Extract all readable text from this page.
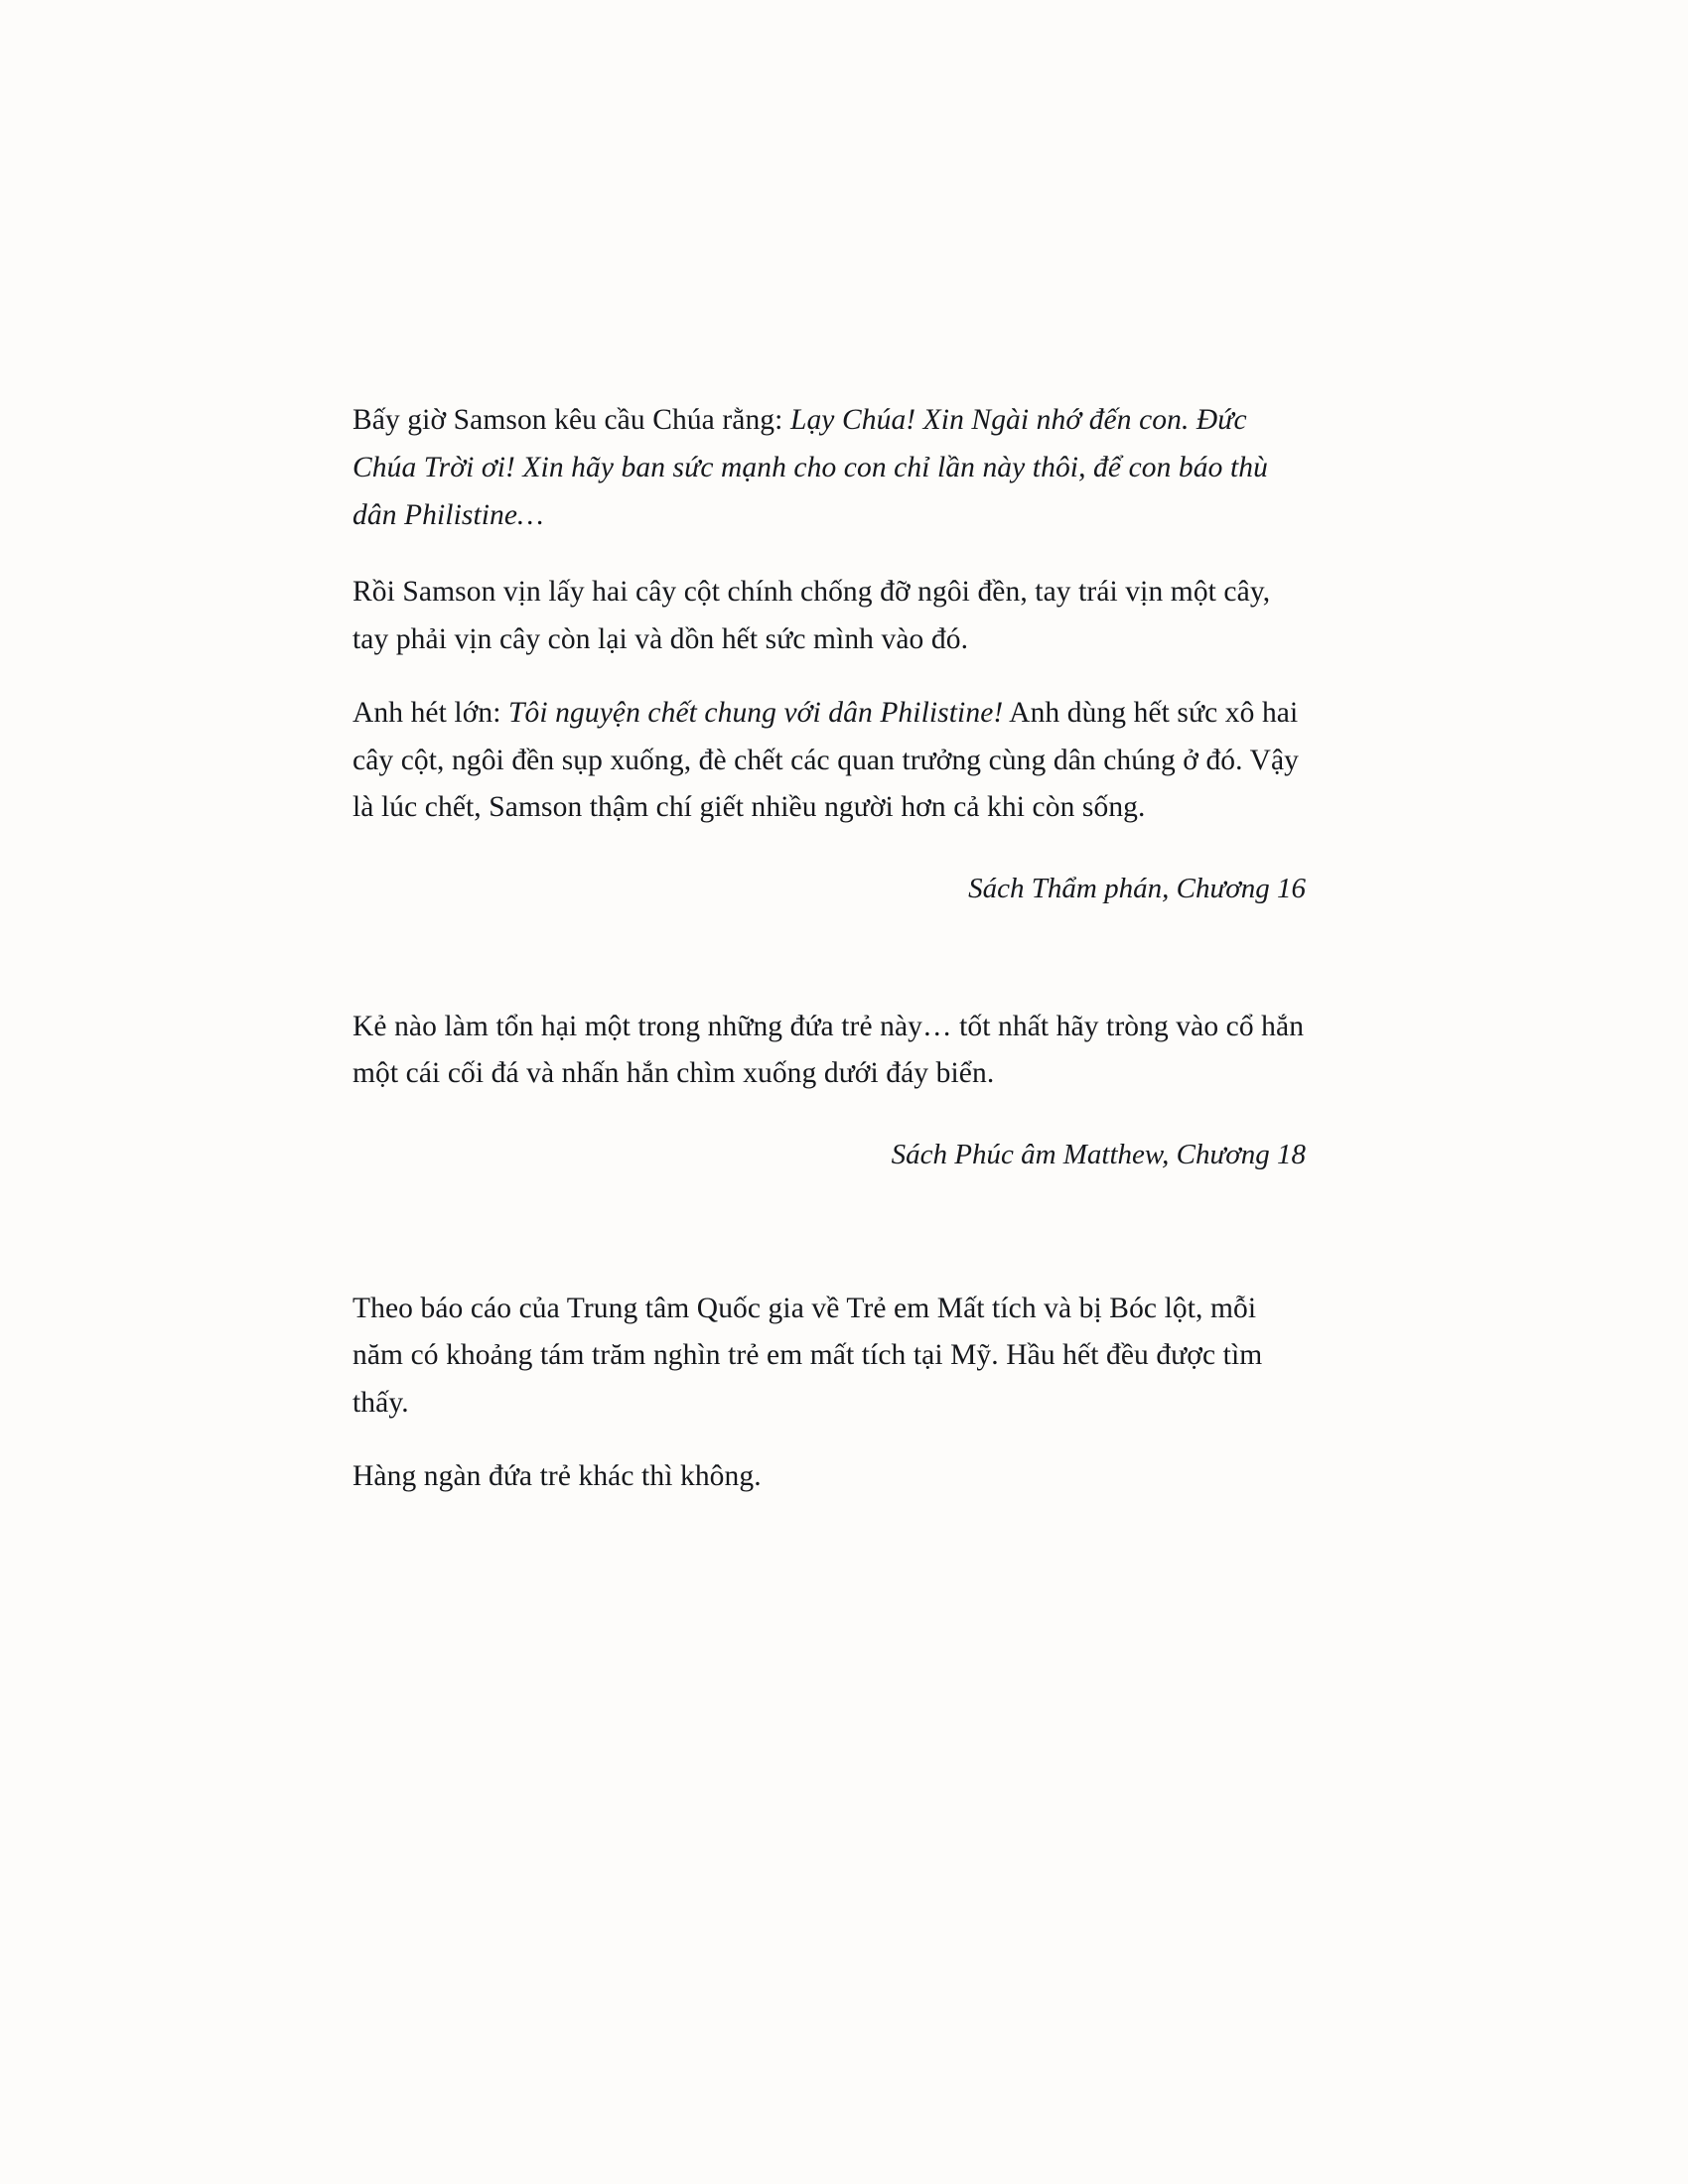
Bấy giờ Samson kêu cầu Chúa rằng: Lạy Chúa! Xin Ngài nhớ đến con. Đức Chúa Trời ơi! Xin hãy ban sức mạnh cho con chỉ lần này thôi, để con báo thù dân Philistine…

Rồi Samson vịn lấy hai cây cột chính chống đỡ ngôi đền, tay trái vịn một cây, tay phải vịn cây còn lại và dồn hết sức mình vào đó.

Anh hét lớn: Tôi nguyện chết chung với dân Philistine! Anh dùng hết sức xô hai cây cột, ngôi đền sụp xuống, đè chết các quan trưởng cùng dân chúng ở đó. Vậy là lúc chết, Samson thậm chí giết nhiều người hơn cả khi còn sống.

Sách Thẩm phán, Chương 16

Kẻ nào làm tổn hại một trong những đứa trẻ này… tốt nhất hãy tròng vào cổ hắn một cái cối đá và nhấn hắn chìm xuống dưới đáy biển.

Sách Phúc âm Matthew, Chương 18

Theo báo cáo của Trung tâm Quốc gia về Trẻ em Mất tích và bị Bóc lột, mỗi năm có khoảng tám trăm nghìn trẻ em mất tích tại Mỹ. Hầu hết đều được tìm thấy.

Hàng ngàn đứa trẻ khác thì không.
